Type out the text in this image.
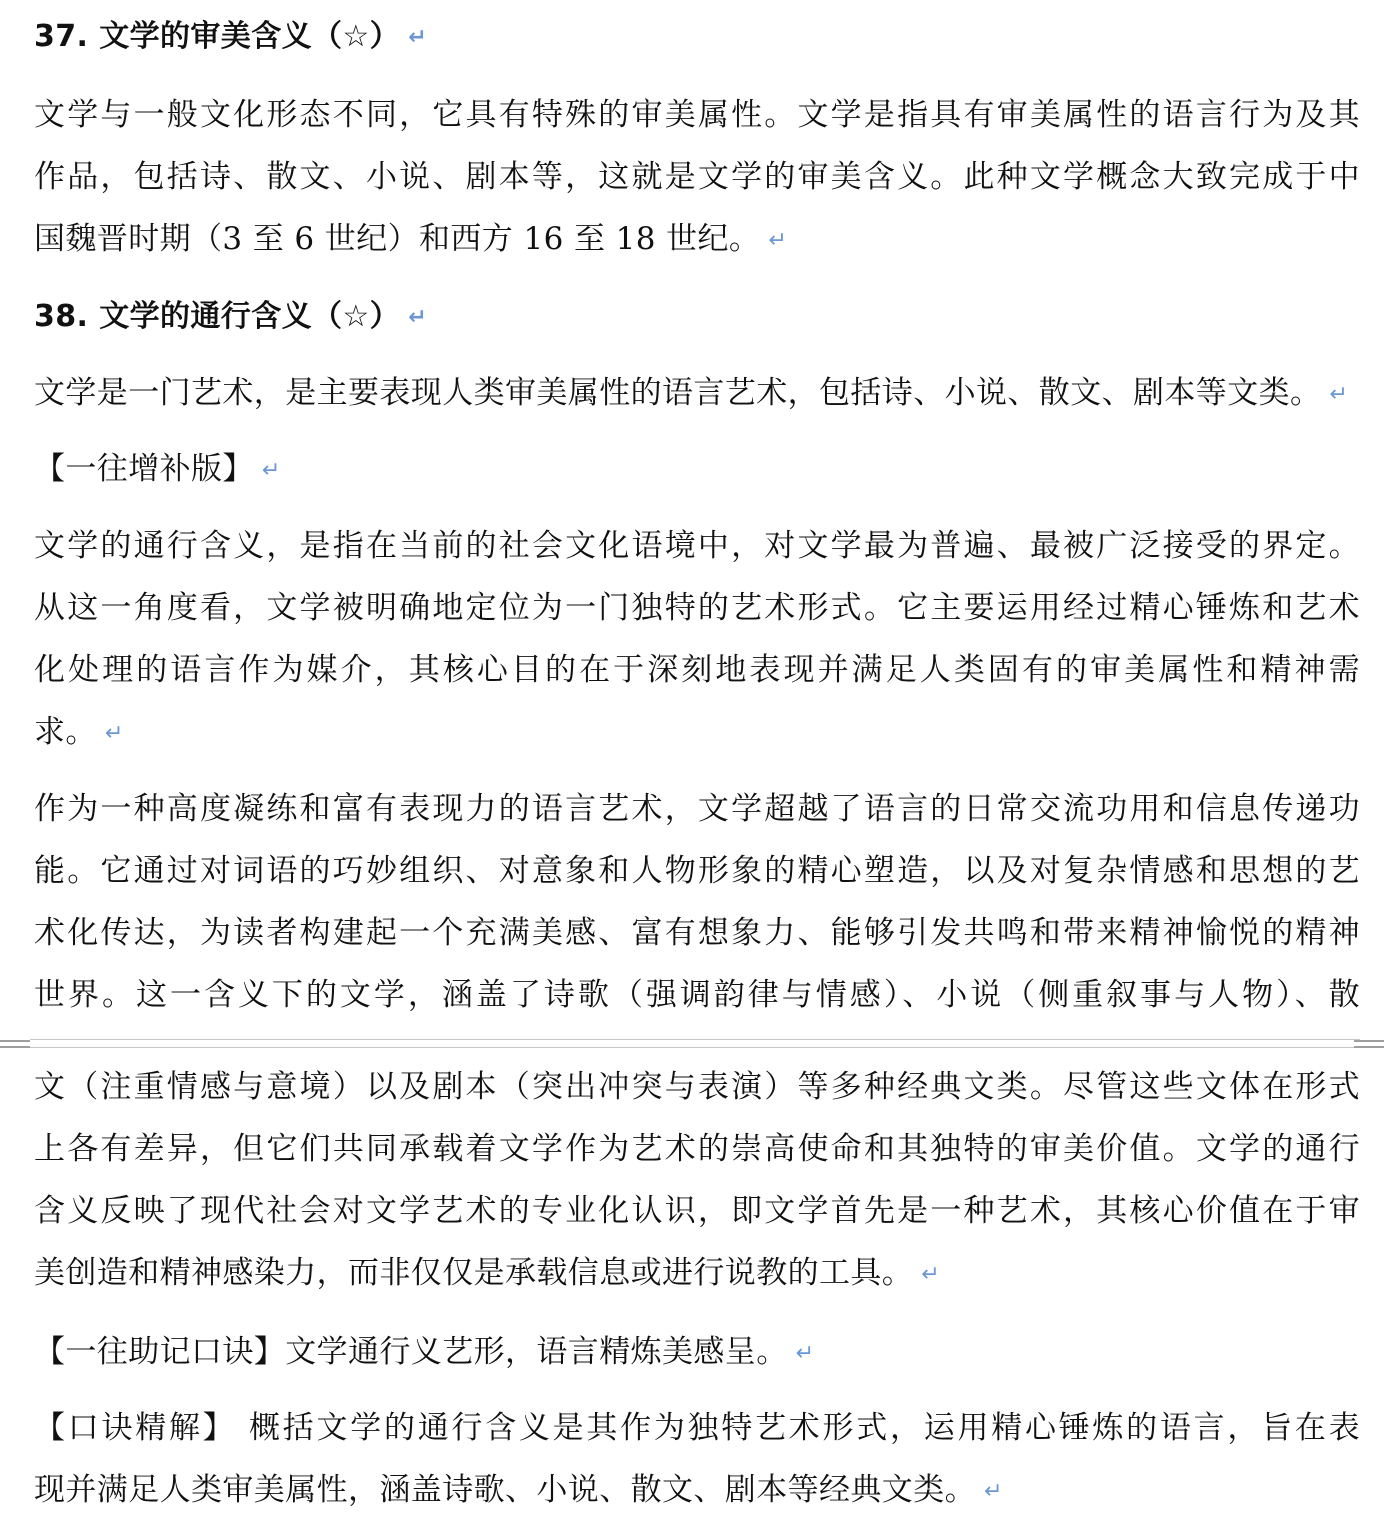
37. 文学的审美含义（☆） ↵
文学与一般文化形态不同，它具有特殊的审美属性。文学是指具有审美属性的语言行为及其
作品，包括诗、散文、小说、剧本等，这就是文学的审美含义。此种文学概念大致完成于中
国魏晋时期（3 至 6 世纪）和西方 16 至 18 世纪。 ↵
38. 文学的通行含义（☆） ↵
文学是一门艺术，是主要表现人类审美属性的语言艺术，包括诗、小说、散文、剧本等文类。 ↵
【一往增补版】 ↵
文学的通行含义，是指在当前的社会文化语境中，对文学最为普遍、最被广泛接受的界定。
从这一角度看，文学被明确地定位为一门独特的艺术形式。它主要运用经过精心锤炼和艺术
化处理的语言作为媒介，其核心目的在于深刻地表现并满足人类固有的审美属性和精神需
求。 ↵
作为一种高度凝练和富有表现力的语言艺术，文学超越了语言的日常交流功用和信息传递功
能。它通过对词语的巧妙组织、对意象和人物形象的精心塑造，以及对复杂情感和思想的艺
术化传达，为读者构建起一个充满美感、富有想象力、能够引发共鸣和带来精神愉悦的精神
世界。这一含义下的文学，涵盖了诗歌（强调韵律与情感）、小说（侧重叙事与人物）、散
文（注重情感与意境）以及剧本（突出冲突与表演）等多种经典文类。尽管这些文体在形式
上各有差异，但它们共同承载着文学作为艺术的崇高使命和其独特的审美价值。文学的通行
含义反映了现代社会对文学艺术的专业化认识，即文学首先是一种艺术，其核心价值在于审
美创造和精神感染力，而非仅仅是承载信息或进行说教的工具。 ↵
【一往助记口诀】文学通行义艺形，语言精炼美感呈。 ↵
【口诀精解】 概括文学的通行含义是其作为独特艺术形式，运用精心锤炼的语言，旨在表
现并满足人类审美属性，涵盖诗歌、小说、散文、剧本等经典文类。 ↵
